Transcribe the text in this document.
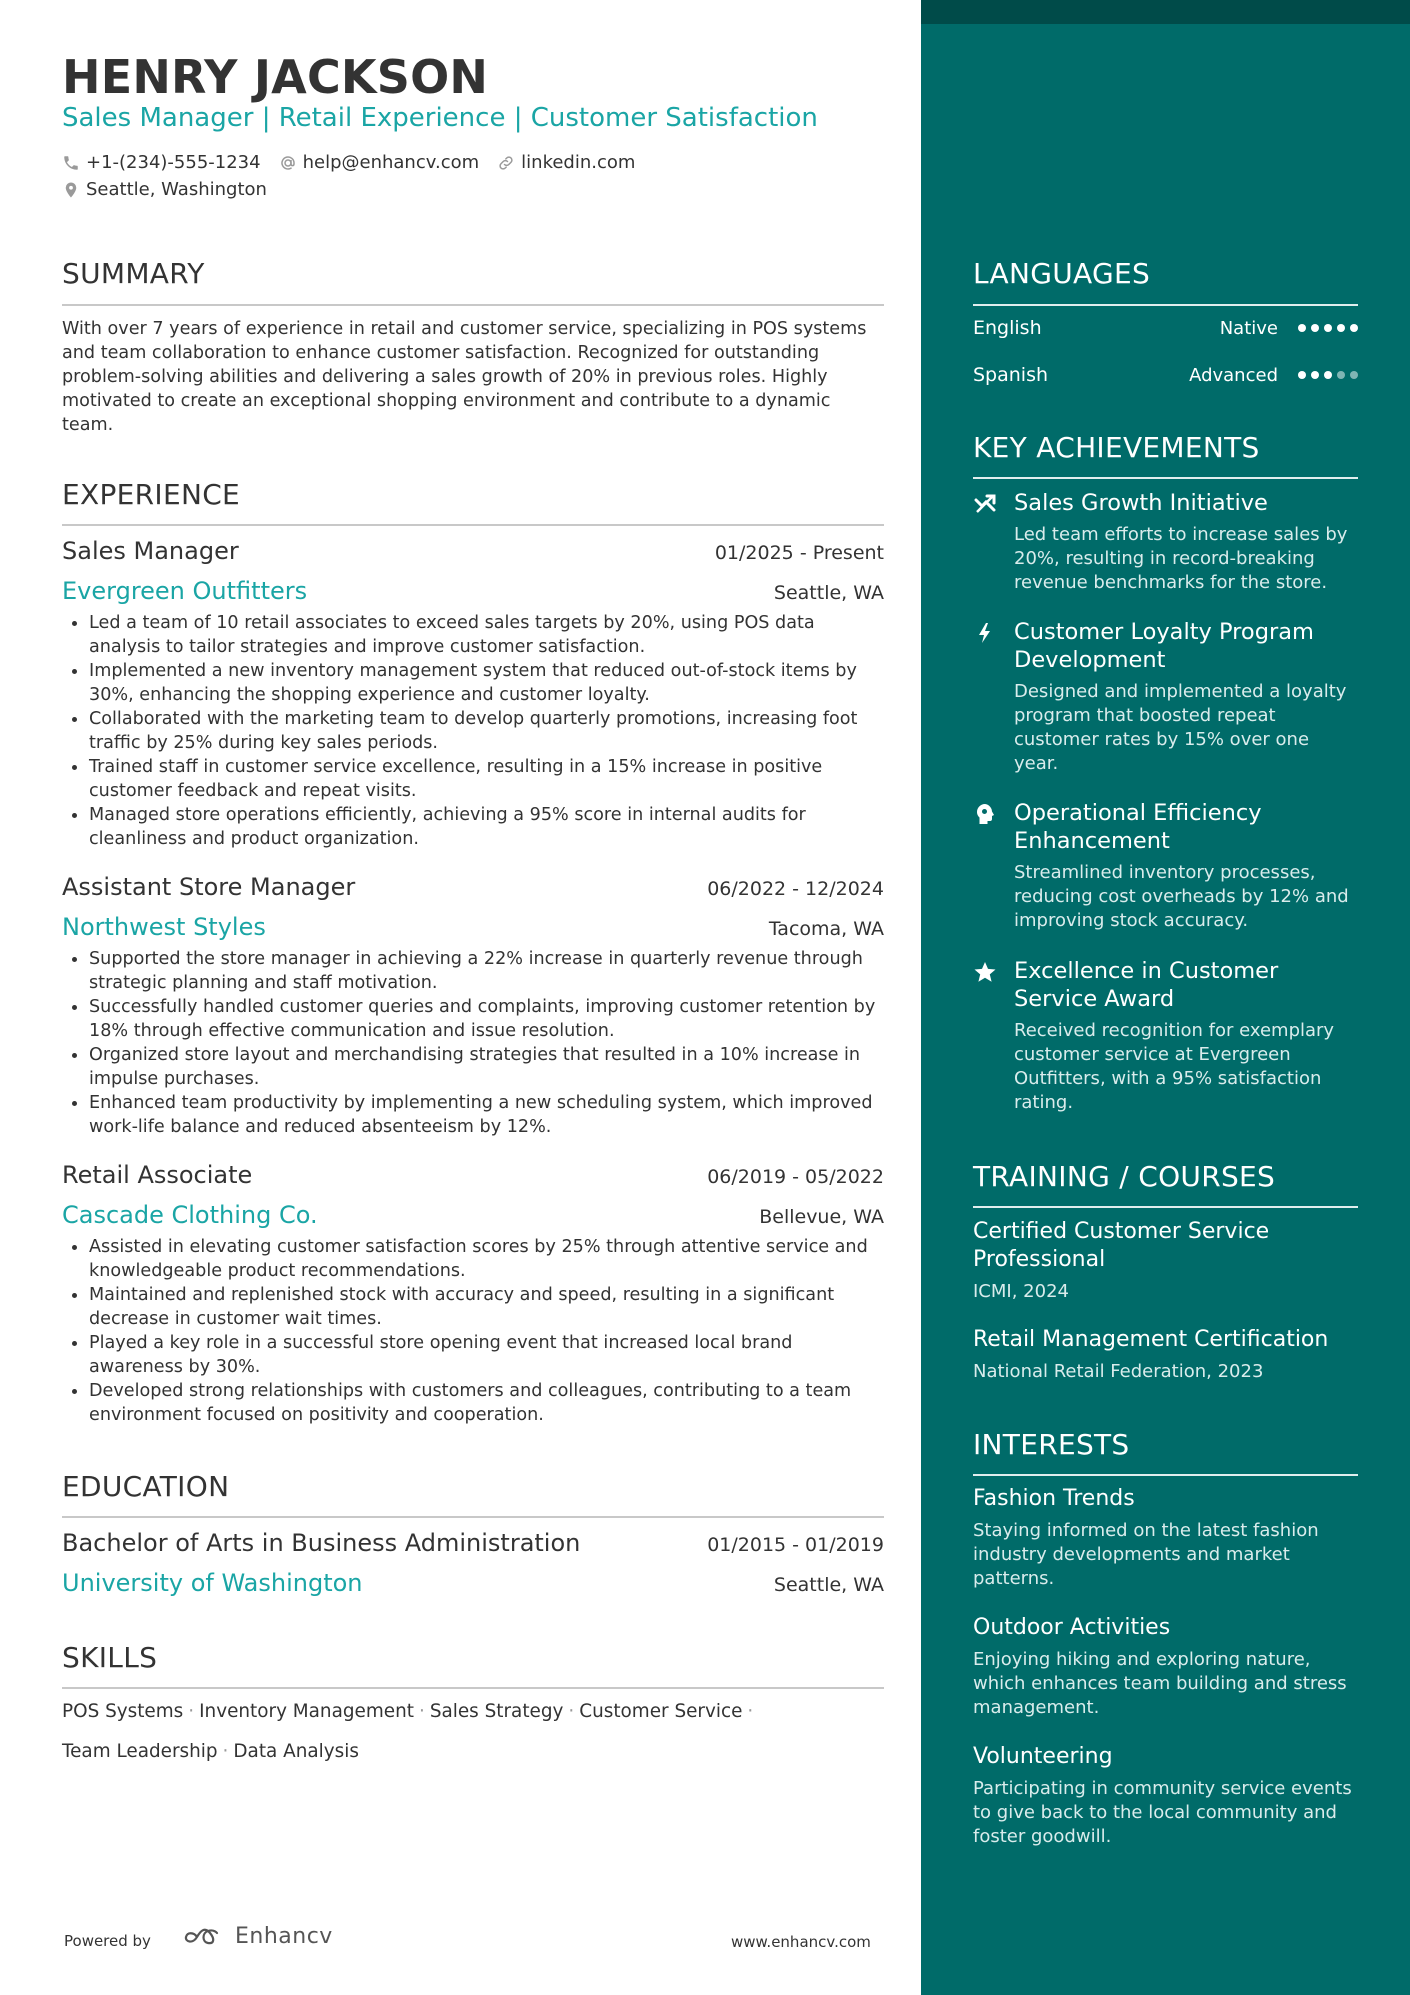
HENRY JACKSON
Sales Manager | Retail Experience | Customer Satisfaction
+1-(234)-555-1234 help@enhancv.com linkedin.com
Seattle, Washington
SUMMARY
With over 7 years of experience in retail and customer service, specializing in POS systems and team collaboration to enhance customer satisfaction. Recognized for outstanding problem-solving abilities and delivering a sales growth of 20% in previous roles. Highly motivated to create an exceptional shopping environment and contribute to a dynamic team.
EXPERIENCE
Sales Manager	01/2025 - Present
Evergreen Outfitters	Seattle, WA
Led a team of 10 retail associates to exceed sales targets by 20%, using POS data analysis to tailor strategies and improve customer satisfaction.
Implemented a new inventory management system that reduced out-of-stock items by 30%, enhancing the shopping experience and customer loyalty.
Collaborated with the marketing team to develop quarterly promotions, increasing foot traffic by 25% during key sales periods.
Trained staff in customer service excellence, resulting in a 15% increase in positive customer feedback and repeat visits.
Managed store operations efficiently, achieving a 95% score in internal audits for cleanliness and product organization.
Assistant Store Manager	06/2022 - 12/2024
Northwest Styles	Tacoma, WA
Supported the store manager in achieving a 22% increase in quarterly revenue through strategic planning and staff motivation.
Successfully handled customer queries and complaints, improving customer retention by 18% through effective communication and issue resolution.
Organized store layout and merchandising strategies that resulted in a 10% increase in impulse purchases.
Enhanced team productivity by implementing a new scheduling system, which improved work-life balance and reduced absenteeism by 12%.
Retail Associate	06/2019 - 05/2022
Cascade Clothing Co.	Bellevue, WA
Assisted in elevating customer satisfaction scores by 25% through attentive service and knowledgeable product recommendations.
Maintained and replenished stock with accuracy and speed, resulting in a significant decrease in customer wait times.
Played a key role in a successful store opening event that increased local brand awareness by 30%.
Developed strong relationships with customers and colleagues, contributing to a team environment focused on positivity and cooperation.
EDUCATION
Bachelor of Arts in Business Administration	01/2015 - 01/2019
University of Washington	Seattle, WA
SKILLS
POS Systems · Inventory Management · Sales Strategy · Customer Service ·
Team Leadership · Data Analysis
Powered by	Enhancv	www.enhancv.com
LANGUAGES
English	Native
Spanish	Advanced
KEY ACHIEVEMENTS
Sales Growth Initiative
Led team efforts to increase sales by 20%, resulting in record-breaking revenue benchmarks for the store.
Customer Loyalty Program Development
Designed and implemented a loyalty program that boosted repeat customer rates by 15% over one year.
Operational Efficiency Enhancement
Streamlined inventory processes, reducing cost overheads by 12% and improving stock accuracy.
Excellence in Customer Service Award
Received recognition for exemplary customer service at Evergreen Outfitters, with a 95% satisfaction rating.
TRAINING / COURSES
Certified Customer Service Professional
ICMI, 2024
Retail Management Certification
National Retail Federation, 2023
INTERESTS
Fashion Trends
Staying informed on the latest fashion industry developments and market patterns.
Outdoor Activities
Enjoying hiking and exploring nature, which enhances team building and stress management.
Volunteering
Participating in community service events to give back to the local community and foster goodwill.
